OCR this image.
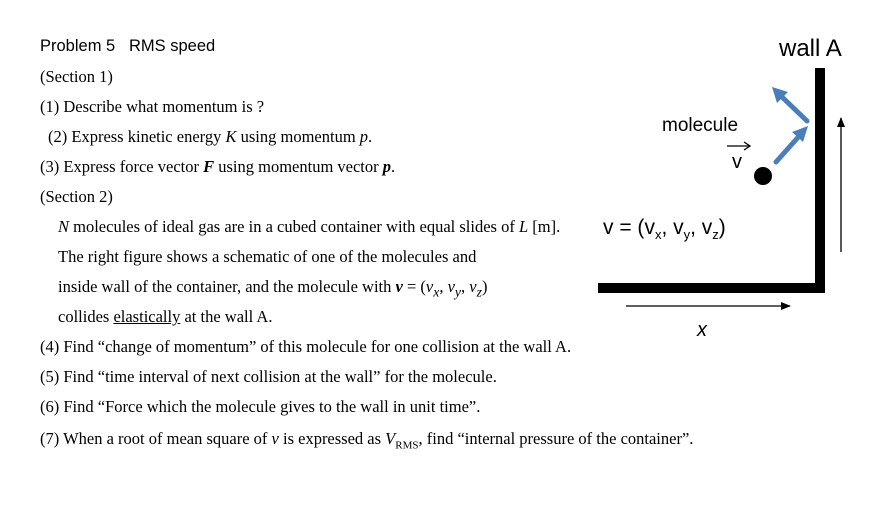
Problem 5 RMS speed
(Section 1)
(1) Describe what momentum is ?
(2) Express kinetic energy K using momentum p.
(3) Express force vector F using momentum vector p.
(Section 2)
N molecules of ideal gas are in a cubed container with equal slides of L [m].
The right figure shows a schematic of one of the molecules and
inside wall of the container, and the molecule with $v = (v_x$, $v_y$, $v_z$)
collides elastically at the wall A.
(4) Find “change of momentum” of this molecule for one collision at the wall A.
(5) Find “time interval of next collision at the wall” for the molecule.
(6) Find “Force which the molecule gives to the wall in unit time”.
(7) When a root of mean square of v is expressed as $V_{RMS}$, find “internal pressure of the container”.
$v = (v_x$, $v_y$, $v_z$)
wall A
molecule
v
x
